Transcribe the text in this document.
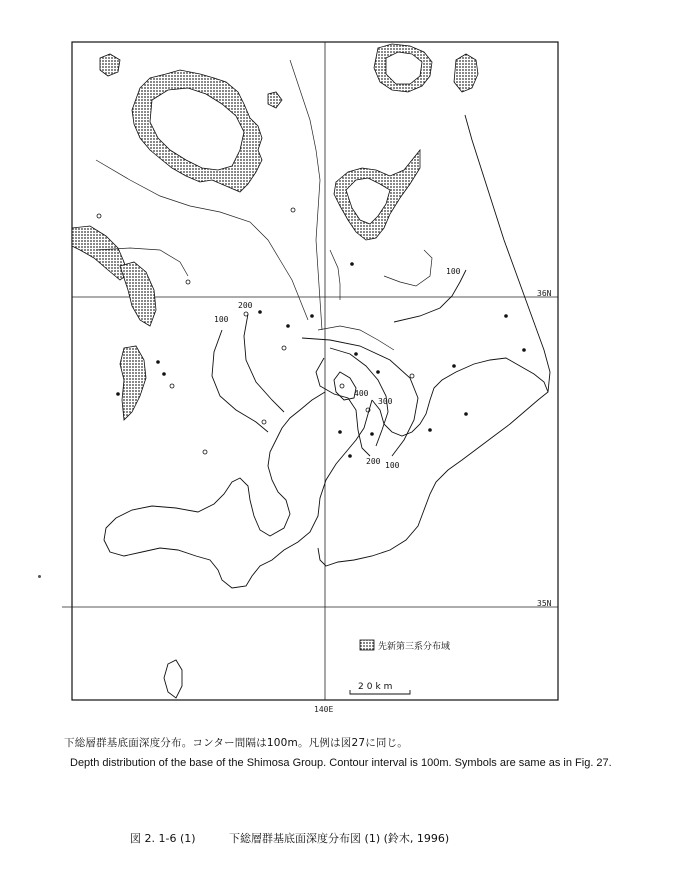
36N
35N
140E
100
200
300
400
200 100
100
先新第三系分布域
20km
下総層群基底面深度分布。コンター間隔は100m。凡例は図27に同じ。
Depth distribution of the base of the Shimosa Group. Contour interval is 100m. Symbols are same as in Fig. 27.
図 2. 1-6 (1)	下総層群基底面深度分布図 (1) (鈴木, 1996)
